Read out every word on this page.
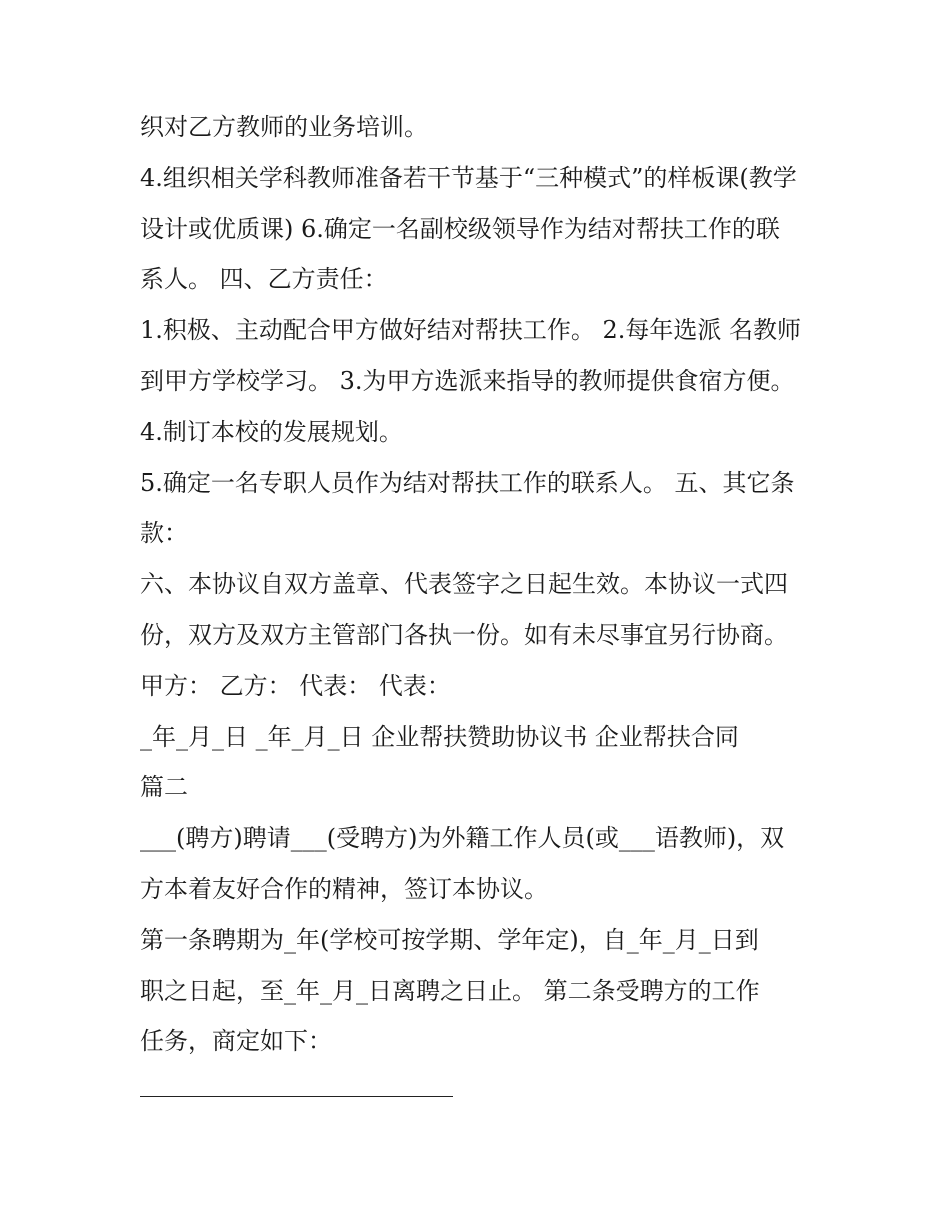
织对乙方教师的业务培训。
4.组织相关学科教师准备若干节基于“三种模式”的样板课(教学
设计或优质课) 6.确定一名副校级领导作为结对帮扶工作的联
系人。 四、乙方责任：
1.积极、主动配合甲方做好结对帮扶工作。 2.每年选派 名教师
到甲方学校学习。 3.为甲方选派来指导的教师提供食宿方便。
4.制订本校的发展规划。
5.确定一名专职人员作为结对帮扶工作的联系人。 五、其它条
款：
六、本协议自双方盖章、代表签字之日起生效。本协议一式四
份，双方及双方主管部门各执一份。如有未尽事宜另行协商。
甲方： 乙方： 代表： 代表：
_年_月_日 _年_月_日 企业帮扶赞助协议书 企业帮扶合同
篇二
___(聘方)聘请___(受聘方)为外籍工作人员(或___语教师)，双
方本着友好合作的精神，签订本协议。
第一条聘期为_年(学校可按学期、学年定)，自_年_月_日到
职之日起，至_年_月_日离聘之日止。 第二条受聘方的工作
任务，商定如下：
